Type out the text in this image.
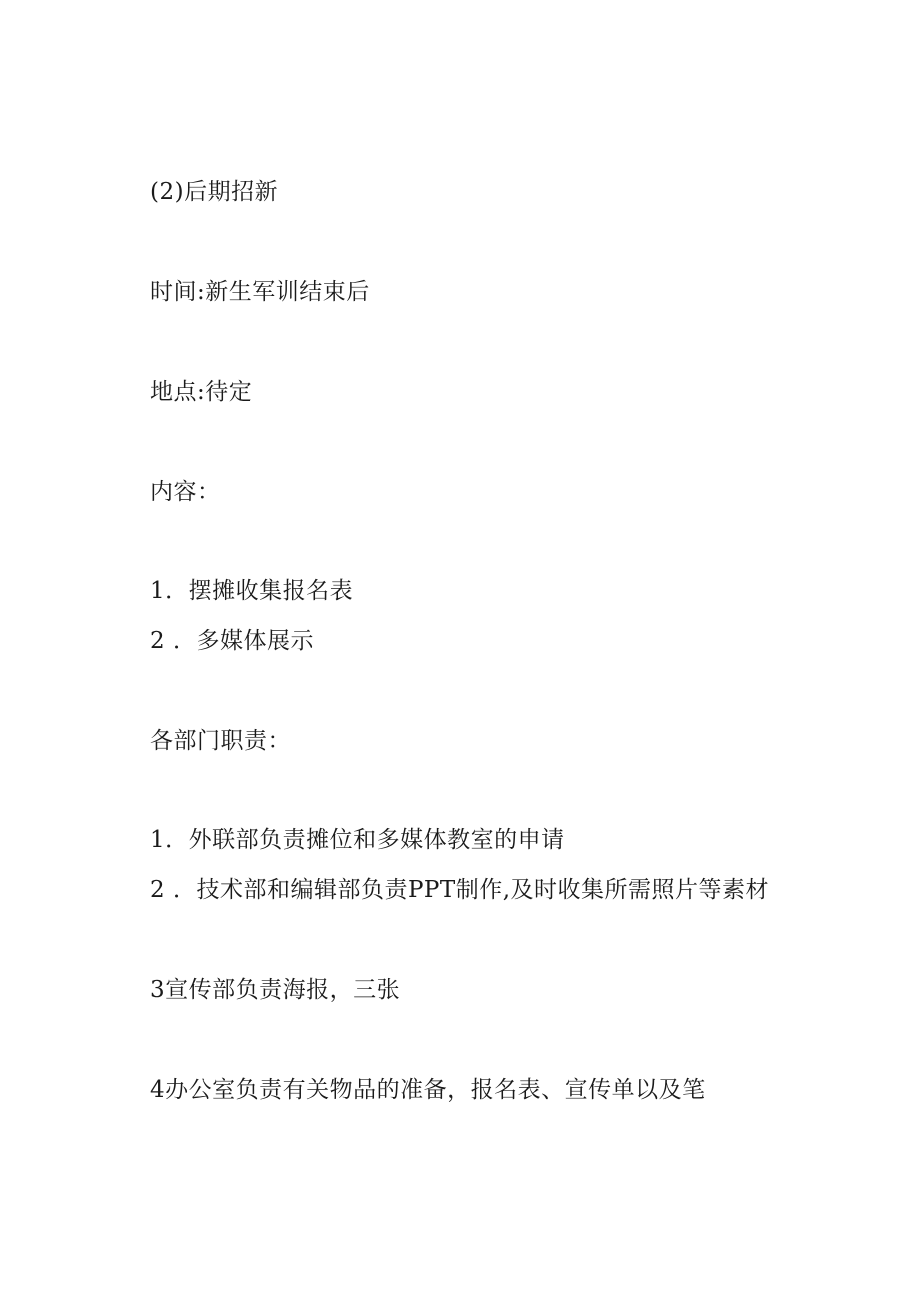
(2)后期招新

时间:新生军训结束后

地点:待定

内容：

1．摆摊收集报名表

2 ．多媒体展示

各部门职责：

1．外联部负责摊位和多媒体教室的申请

2 ．技术部和编辑部负责PPT制作,及时收集所需照片等素材

3宣传部负责海报，三张

4办公室负责有关物品的准备，报名表、宣传单以及笔
